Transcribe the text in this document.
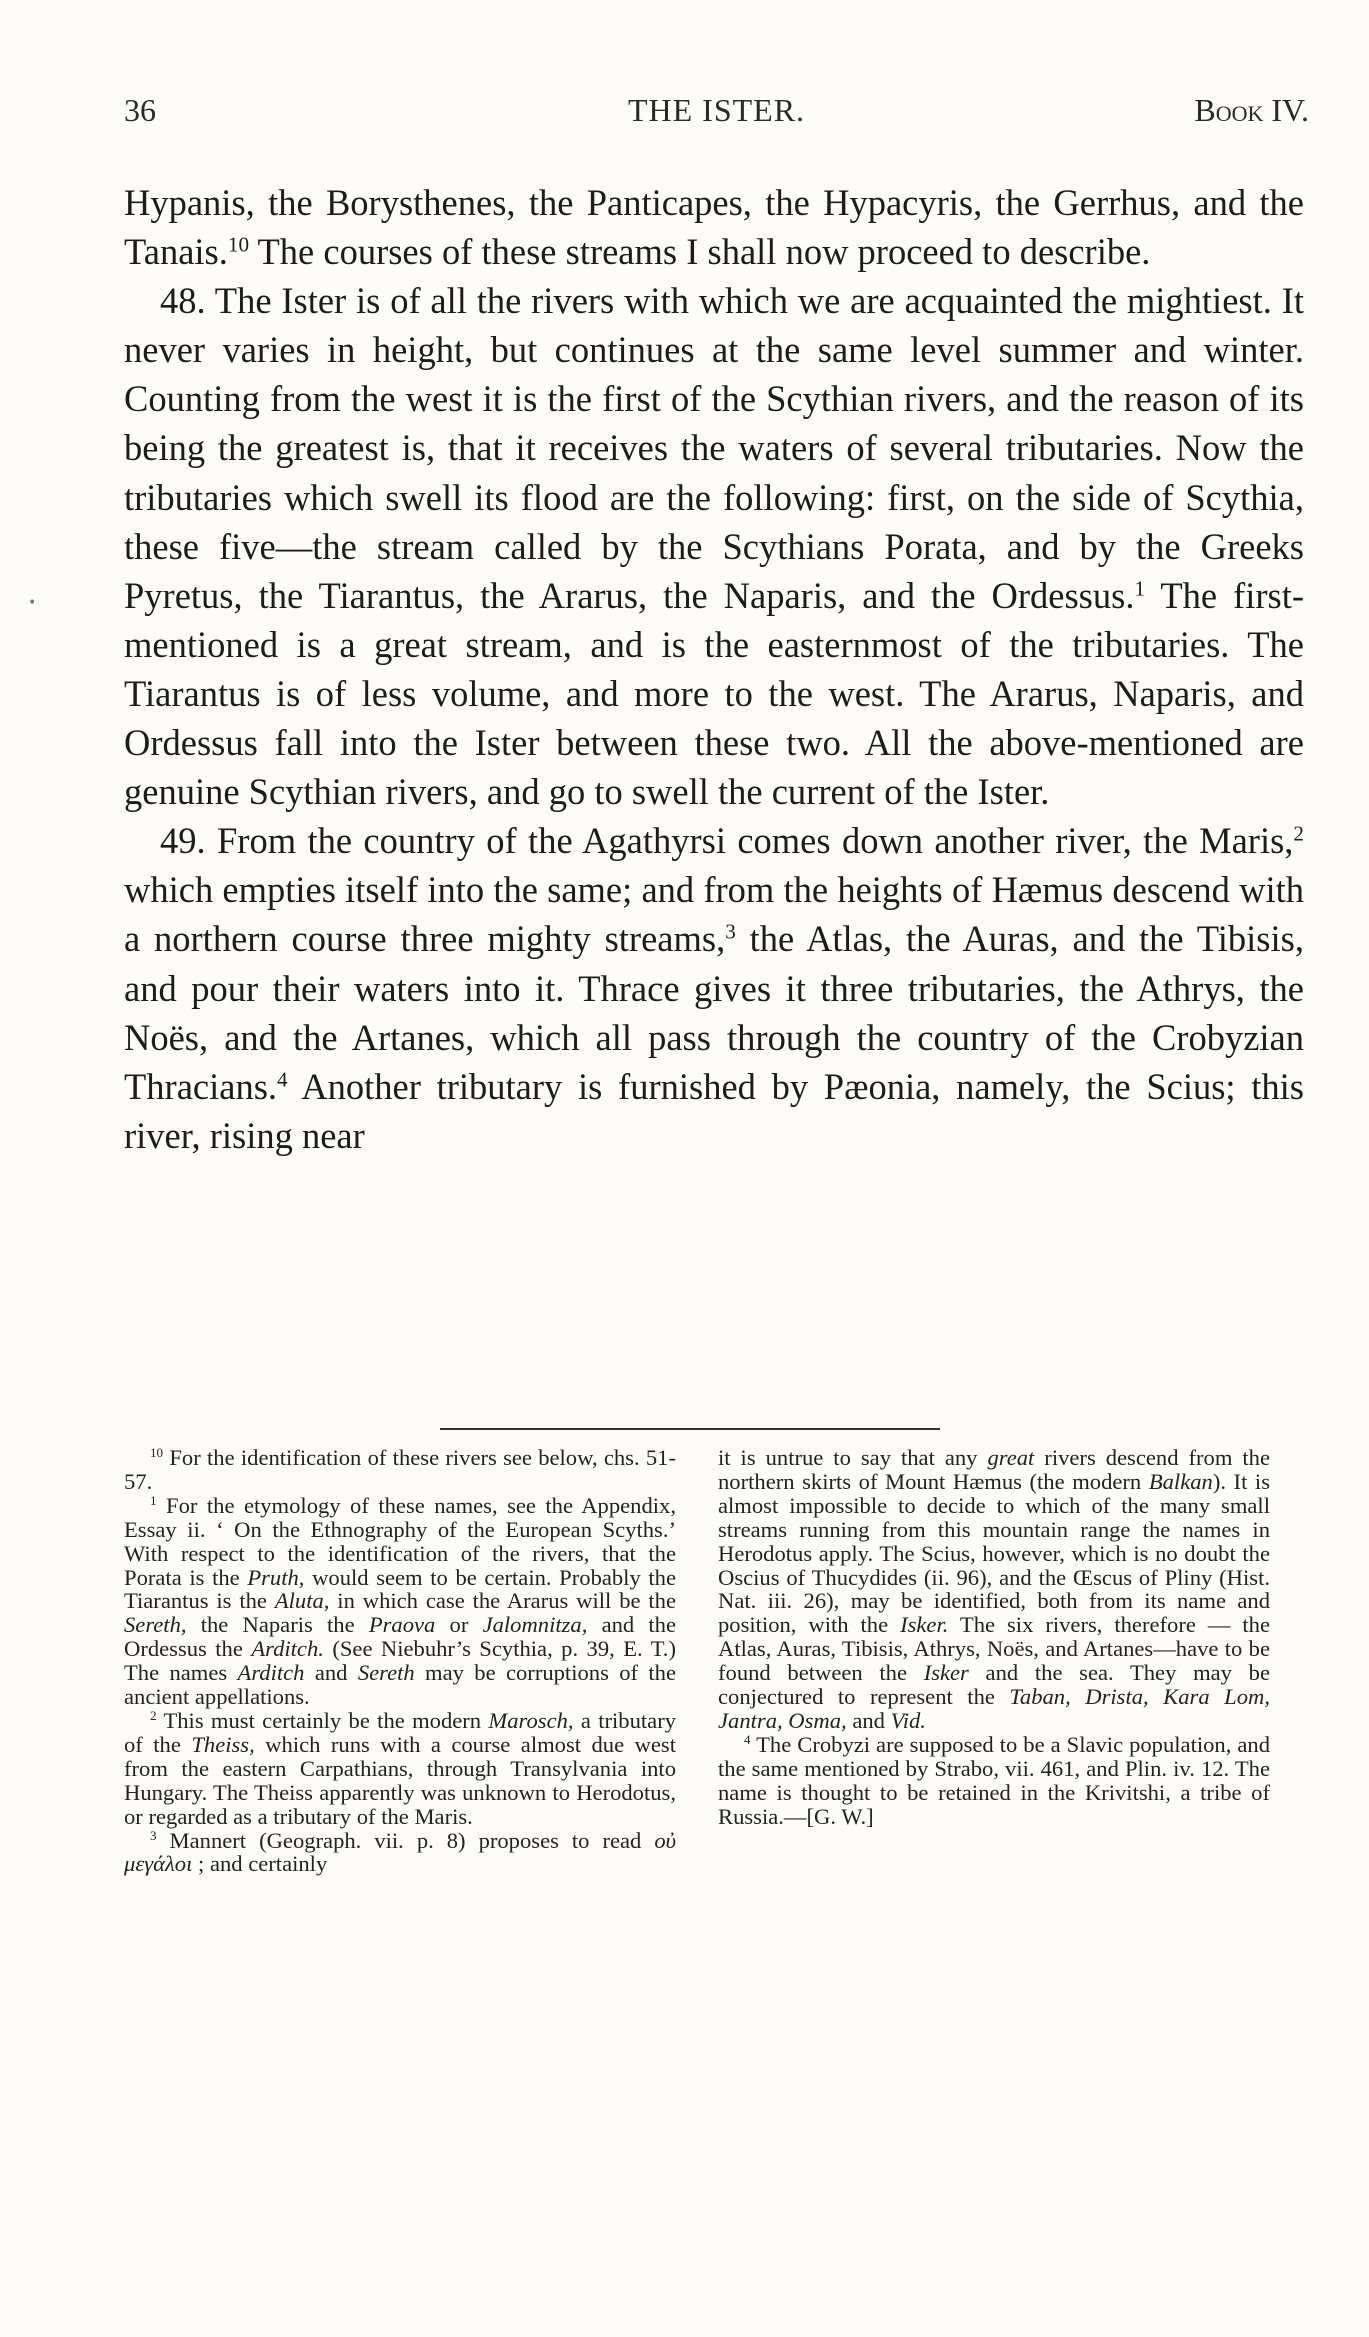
36	THE ISTER.	Book IV.
•

Hypanis, the Borysthenes, the Panticapes, the Hypacyris, the Gerrhus, and the Tanais.$^{10}$ The courses of these streams I shall now proceed to describe.

48. The Ister is of all the rivers with which we are acquainted the mightiest. It never varies in height, but continues at the same level summer and winter. Counting from the west it is the first of the Scythian rivers, and the reason of its being the greatest is, that it receives the waters of several tributaries. Now the tributaries which swell its flood are the following: first, on the side of Scythia, these five—the stream called by the Scythians Porata, and by the Greeks Pyretus, the Tiarantus, the Ararus, the Naparis, and the Ordessus.$^1$ The first-mentioned is a great stream, and is the easternmost of the tributaries. The Tiarantus is of less volume, and more to the west. The Ararus, Naparis, and Ordessus fall into the Ister between these two. All the above-mentioned are genuine Scythian rivers, and go to swell the current of the Ister.

49. From the country of the Agathyrsi comes down another river, the Maris,$^2$ which empties itself into the same; and from the heights of Hæmus descend with a northern course three mighty streams,$^3$ the Atlas, the Auras, and the Tibisis, and pour their waters into it. Thrace gives it three tributaries, the Athrys, the Noës, and the Artanes, which all pass through the country of the Crobyzian Thracians.$^4$ Another tributary is furnished by Pæonia, namely, the Scius; this river, rising near

$^{10}$ For the identification of these rivers see below, chs. 51-57.

$^1$ For the etymology of these names, see the Appendix, Essay ii. ‘ On the Ethnography of the European Scyths.’ With respect to the identification of the rivers, that the Porata is the Pruth, would seem to be certain. Probably the Tiarantus is the Aluta, in which case the Ararus will be the Sereth, the Naparis the Praova or Jalomnitza, and the Ordessus the Arditch. (See Niebuhr’s Scythia, p. 39, E. T.) The names Arditch and Sereth may be corruptions of the ancient appellations.

$^2$ This must certainly be the modern Marosch, a tributary of the Theiss, which runs with a course almost due west from the eastern Carpathians, through Transylvania into Hungary. The Theiss apparently was unknown to Herodotus, or regarded as a tributary of the Maris.

$^3$ Mannert (Geograph. vii. p. 8) proposes to read οὐ μεγάλοι ; and certainly

it is untrue to say that any great rivers descend from the northern skirts of Mount Hæmus (the modern Balkan). It is almost impossible to decide to which of the many small streams running from this mountain range the names in Herodotus apply. The Scius, however, which is no doubt the Oscius of Thucydides (ii. 96), and the Œscus of Pliny (Hist. Nat. iii. 26), may be identified, both from its name and position, with the Isker. The six rivers, therefore — the Atlas, Auras, Tibisis, Athrys, Noës, and Artanes—have to be found between the Isker and the sea. They may be conjectured to represent the Taban, Drista, Kara Lom, Jantra, Osma, and Vid.

$^4$ The Crobyzi are supposed to be a Slavic population, and the same mentioned by Strabo, vii. 461, and Plin. iv. 12. The name is thought to be retained in the Krivitshi, a tribe of Russia.—[G. W.]
